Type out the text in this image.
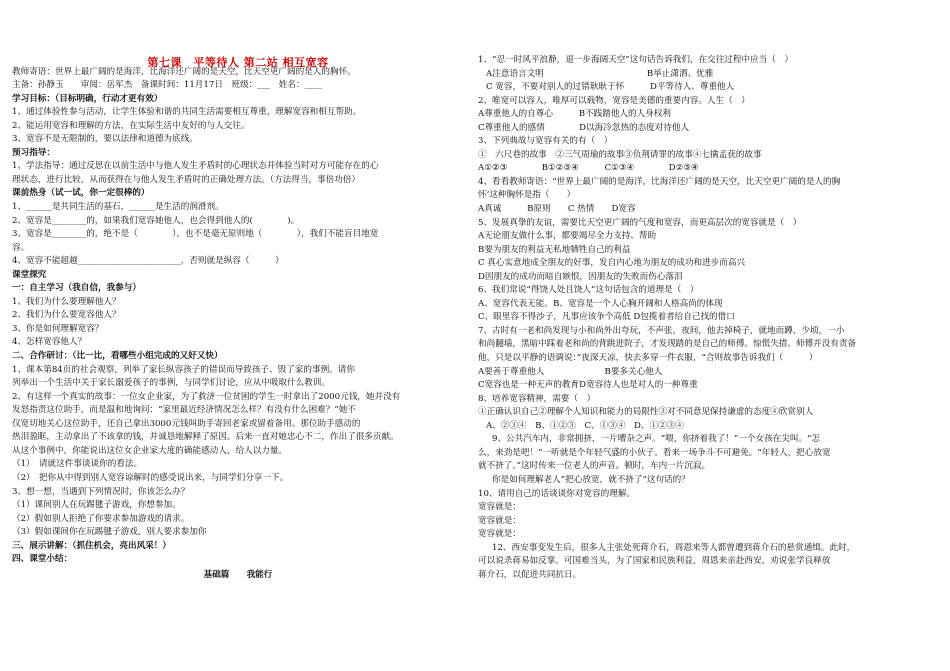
第七课　平等待人 第二站 相互宽容
教师寄语：世界上最广阔的是海洋，比海洋还广阔的是天空，比天空更广阔的是人的胸怀。
主备：孙静玉　　审阅：岳军杰　备课时间：11月17日　班级：___　姓名：____
学习目标：（目标明确，行动才更有效）
1、通过体验性参与活动，让学生体验和谐的共同生活需要相互尊重，理解宽容和相互帮助。
2、能运用宽容和理解的方法，在实际生活中友好的与人交往。
3、宽容不是无限制的，要以法律和道德为底线。
预习指导：
1、学法指导：通过反思在以前生活中与他人发生矛盾时的心理状态并体验当时对方可能存在的心
理状态，进行比较，从而获得在与他人发生矛盾时的正确处理方法。（方法得当，事倍功倍）
课前热身（试一试，你一定很棒的）
1、______是共同生活的基石，______是生活的润滑剂。
2、宽容是________的，如果我们宽容她他人，也会得到他人的(　　　　)。
3、宽容是________的，绝不是（　　　　），也不是毫无原则地（　　　　），我们不能盲目地宽
容。
4、宽容不能超越________________________，否则就是纵容（　　　）
课堂探究
一：自主学习（我自信，我参与）
1、我们为什么要理解他人？
2、我们为什么要宽容他人？
3、你是如何理解宽容？
4、怎样宽容他人？
二、合作研讨：（比一比，看哪些小组完成的又好又快）
1、课本第84页的社会观察，列举了家长纵容孩子的错误而导致孩子、毁了家的事例。请你
列举出一个生活中关于家长溺爱孩子的事例，与同学们讨论，应从中吸取什么教训。
2、有这样一个真实的故事：一位女企业家，为了救济一位贫困的学生一时拿出了2000元钱，她并没有
发怒指责这位助手，而是温和地询问：“家里最近经济情况怎么样？有没有什么困难？”她不
仅宽切地关心这位助手，还自己拿出3000元钱叫助手寄回老家或留着备用。那位助手感动的
热泪盈眶，主动拿出了不该拿的钱，并诚恳地解释了原因。后来一直对她忠心不二，作出了很多贡献。
从这个事例中，你能说出这位女企业家大度的确能感动人，给人以力量。
（1）　请就这件事谈谈你的看法。
（2）　把你从中得到别人宽容谅解时的感受说出来，与同学们分享一下。
3、想一想，当遇到下列情况时，你该怎么办？
（1）课间别人在玩踢毽子游戏，你想参加。
（2）假如别人拒绝了你要求参加游戏的请求。
（3）假如课间你在玩踢毽子游戏，别人要求参加你
三、展示讲解：（抓住机会，亮出风采！）
四、课堂小结：
基础篇　　我能行
1、“忍一时风平浪静，退一步海阔天空”这句话告诉我们，在交往过程中应当（　）
A注意语言文明　　　　　　　　　　　　B举止潇洒、优雅
C 宽容，不要对别人的过错耿耿于怀　　　D平等待人、尊重他人
2、唯宽可以容人，唯厚可以载物，宽容是美德的重要内容。人生（　）
A尊重他人的自尊心　　　B不践踏他人的人身权利
C尊重他人的感情　　　　D以海冷忽热的态度对待他人
3、下列典故与宽容有关的有（　）
①　六尺巷的故事　②三气周瑜的故事③负荆请罪的故事④七擒孟获的故事
A①②③　　　　B①②③④　　　C①③④　　　　D②③④
4、看看教师寄语：“世界上最广阔的是海洋，比海洋还广阔的是天空，比天空更广阔的是人的胸
怀’这种胸怀是指（　　）
A真诚　　　B原则　　C 热情　　D宽容
5、发展真挚的友谊，需要比天空更广阔的气度和宽容，而更高层次的宽容就是（　）
A无论朋友做什么事，都要竭尽全力支持、帮助
B要为朋友的利益无私地牺牲自己的利益
C 真心实意地成全朋友的好事，发自内心地为朋友的成功和进步而高兴
D因朋友的成功而暗自嫉恨，因朋友的失败而伤心落泪
6、我们常说“得饶人处且饶人”这句话包含的道理是（　）
A、宽容代表无能。B、宽容是一个人心胸开阔和人格高尚的体现
C、眼里容不得沙子，凡事应该争个高低 D包揽着者给自己找的借口
7、古时有一老和尚发现与小和尚外出夸玩，不声张，夜间，他去掉椅子，就地而蹲，少顷，一小
和尚翻墙，黑暗中踩着老和尚的背跳进院子，才发现踏的是自己的师傅。惊慌失措。师傅并没有责备
他，只是以平静的语调说：”夜深天凉，快去多穿一件衣服，“合则故事告诉我们（　　　）
A要善于尊重他人　　　　　　　B要多关心他人
C宽容也是一种无声的教育D宽容待人也是对人的一种尊重
8、培养宽容精神，需要（　）
①正确认识自己②理解个人知识和能力的局限性③对不同意见保持谦虚的态度④欣赏别人
A、②③④　B、①②③　C、①③④　D、①②③④
9、公共汽车内，非常拥挤，一片嘈杂之声。“喂，你挤着我了！”一个女孩在尖叫。“怎
么，来劲是吧！”一听就是个年轻气盛的小伙子。看来一场争斗不可避免。“年轻人，把心放宽
就不挤了。”这时传来一位老人的声音。顿时，车内一片沉寂。
你是如何理解老人“把心放宽，就不挤了”这句话的？
10、请用自己的话谈谈你对宽容的理解。
宽容就是：
宽容就是：
宽容就是：
12、西安事变发生后，很多人主张处死蒋介石，周恩来等人都曾遭到蒋介石的悬赏通缉。此时，
可以说杀蒋易如反掌。可国难当头，为了国家和民族利益，周恩来亲赴西安，劝说张学良释放
蒋介石，以促进共同抗日。
